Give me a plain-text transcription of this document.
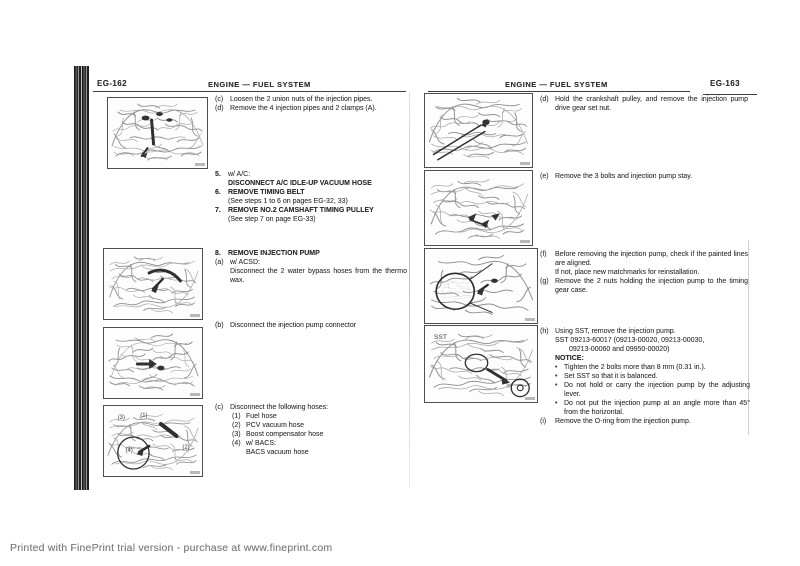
EG-162	ENGINE — FUEL SYSTEM
(c) Loosen the 2 union nuts of the injection pipes.
(d) Remove the 4 injection pipes and 2 clamps (A).
5.	w/ A/C:
DISCONNECT A/C IDLE-UP VACUUM HOSE
6.	REMOVE TIMING BELT
(See steps 1 to 6 on pages EG-32, 33)
7.	REMOVE NO.2 CAMSHAFT TIMING PULLEY
(See step 7 on page EG-33)
8.	REMOVE INJECTION PUMP
(a) w/ ACSD:
Disconnect the 2 water bypass hoses from the thermo wax.
(b) Disconnect the injection pump connector
(3)	(1)
(2)
(4)
(c) Disconnect the following hoses:
(1) Fuel hose
(2) PCV vacuum hose
(3) Boost compensator hose
(4) w/ BACS:
BACS vacuum hose
ENGINE — FUEL SYSTEM	EG-163
(d) Hold the crankshaft pulley, and remove the injection pump drive gear set nut.
(e) Remove the 3 bolts and injection pump stay.
(f)	Before removing the injection pump, check if the painted lines are aligned.
If not, place new matchmarks for reinstallation.
(g) Remove the 2 nuts holding the injection pump to the timing gear case.
SST
(h) Using SST, remove the injection pump.
SST 09213-60017 (09213-00020, 09213-00030,
09213-00060 and 09950-00020)
NOTICE:
• Tighten the 2 bolts more than 8 mm (0.31 in.).
• Set SST so that it is balanced.
• Do not hold or carry the injection pump by the adjusting lever.
• Do not put the injection pump at an angle more than 45° from the horizontal.
(i)	Remove the O-ring from the injection pump.
Printed with FinePrint trial version - purchase at www.fineprint.com
